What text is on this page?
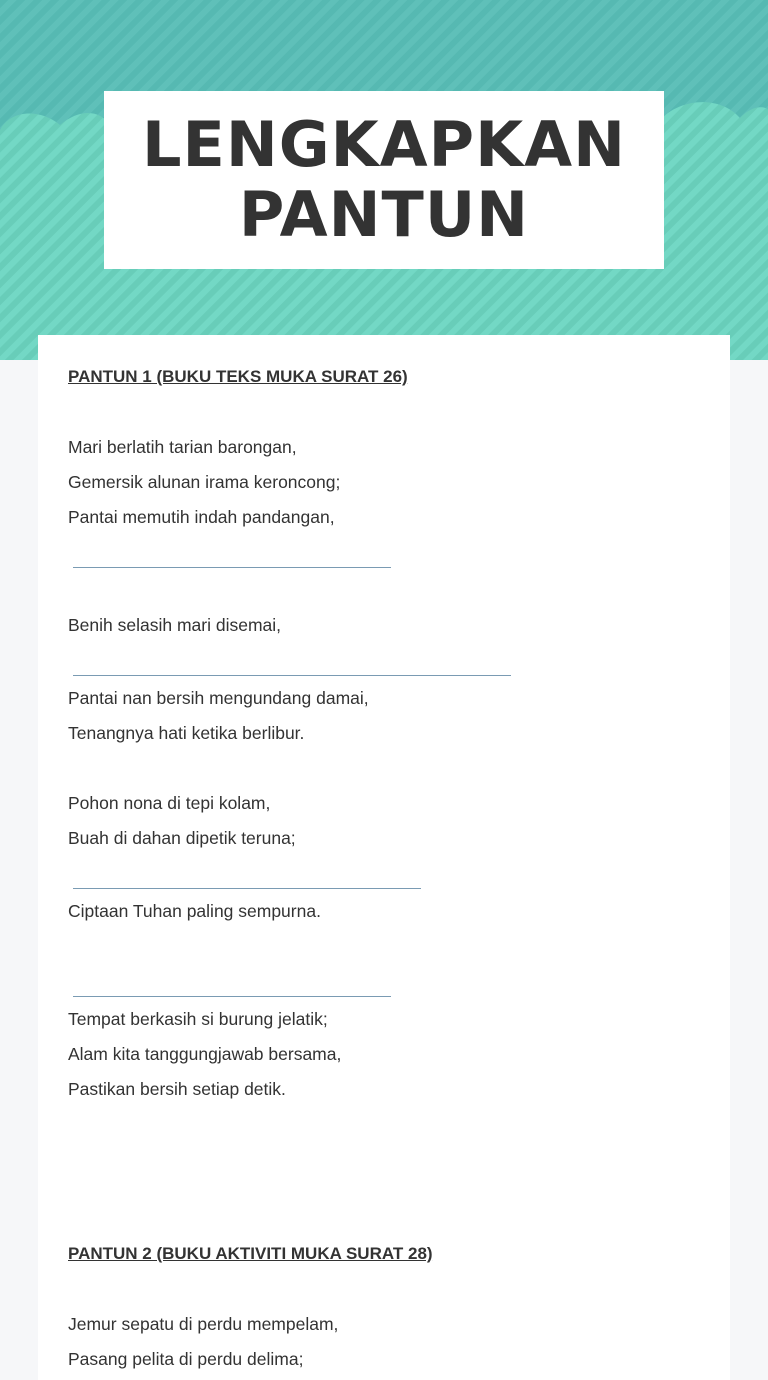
LENGKAPKAN
PANTUN
PANTUN 1 (BUKU TEKS MUKA SURAT 26)
Mari berlatih tarian barongan,
Gemersik alunan irama keroncong;
Pantai memutih indah pandangan,
Benih selasih mari disemai,
Pantai nan bersih mengundang damai,
Tenangnya hati ketika berlibur.
Pohon nona di tepi kolam,
Buah di dahan dipetik teruna;
Ciptaan Tuhan paling sempurna.
Tempat berkasih si burung jelatik;
Alam kita tanggungjawab bersama,
Pastikan bersih setiap detik.
PANTUN 2 (BUKU AKTIVITI MUKA SURAT 28)
Jemur sepatu di perdu mempelam,
Pasang pelita di perdu delima;
